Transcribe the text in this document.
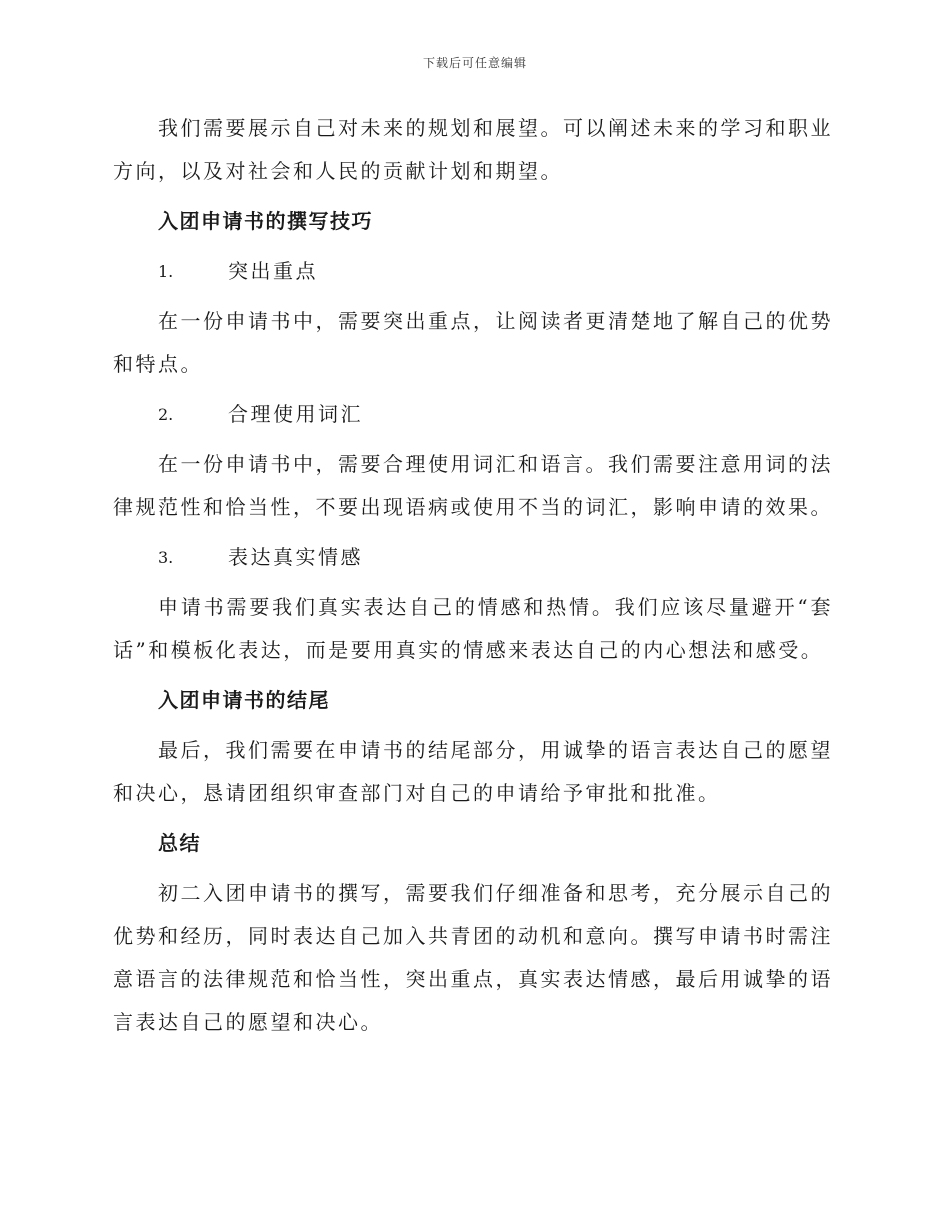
下载后可任意编辑

我们需要展示自己对未来的规划和展望。可以阐述未来的学习和职业方向，以及对社会和人民的贡献计划和期望。

入团申请书的撰写技巧
1.	突出重点

在一份申请书中，需要突出重点，让阅读者更清楚地了解自己的优势和特点。

2.	合理使用词汇

在一份申请书中，需要合理使用词汇和语言。我们需要注意用词的法律规范性和恰当性，不要出现语病或使用不当的词汇，影响申请的效果。

3.	表达真实情感

申请书需要我们真实表达自己的情感和热情。我们应该尽量避开“套话”和模板化表达，而是要用真实的情感来表达自己的内心想法和感受。

入团申请书的结尾

最后，我们需要在申请书的结尾部分，用诚挚的语言表达自己的愿望和决心，恳请团组织审查部门对自己的申请给予审批和批准。

总结

初二入团申请书的撰写，需要我们仔细准备和思考，充分展示自己的优势和经历，同时表达自己加入共青团的动机和意向。撰写申请书时需注意语言的法律规范和恰当性，突出重点，真实表达情感，最后用诚挚的语言表达自己的愿望和决心。
